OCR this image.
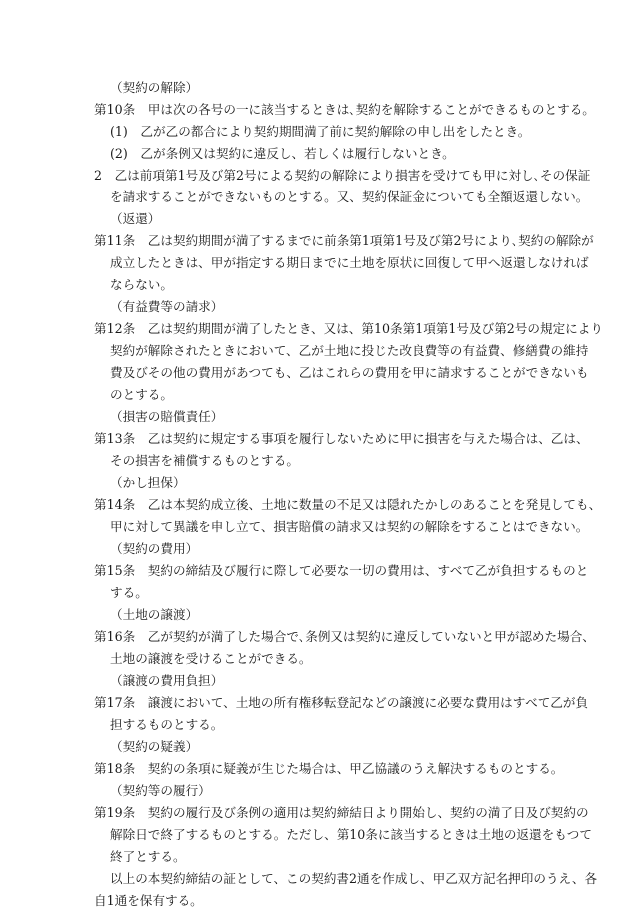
（契約の解除）
第10条　甲は次の各号の一に該当するときは､契約を解除することができるものとする。
(1)　乙が乙の都合により契約期間満了前に契約解除の申し出をしたとき。
(2)　乙が条例又は契約に違反し、若しくは履行しないとき。
2　乙は前項第1号及び第2号による契約の解除により損害を受けても甲に対し､その保証
を請求することができないものとする。又、契約保証金についても全額返還しない。
（返還）
第11条　乙は契約期間が満了するまでに前条第1項第1号及び第2号により､契約の解除が
成立したときは、甲が指定する期日までに土地を原状に回復して甲へ返還しなければ
ならない。
（有益費等の請求）
第12条　乙は契約期間が満了したとき、又は、第10条第1項第1号及び第2号の規定により
契約が解除されたときにおいて、乙が土地に投じた改良費等の有益費、修繕費の維持
費及びその他の費用があつても、乙はこれらの費用を甲に請求することができないも
のとする。
（損害の賠償責任）
第13条　乙は契約に規定する事項を履行しないために甲に損害を与えた場合は、乙は、
その損害を補償するものとする。
（かし担保）
第14条　乙は本契約成立後、土地に数量の不足又は隠れたかしのあることを発見しても、
甲に対して異議を申し立て、損害賠償の請求又は契約の解除をすることはできない。
（契約の費用）
第15条　契約の締結及び履行に際して必要な一切の費用は、すべて乙が負担するものと
する。
（土地の譲渡）
第16条　乙が契約が満了した場合で､条例又は契約に違反していないと甲が認めた場合、
土地の譲渡を受けることができる。
（譲渡の費用負担）
第17条　譲渡において、土地の所有権移転登記などの譲渡に必要な費用はすべて乙が負
担するものとする。
（契約の疑義）
第18条　契約の条項に疑義が生じた場合は、甲乙協議のうえ解決するものとする。
（契約等の履行）
第19条　契約の履行及び条例の適用は契約締結日より開始し、契約の満了日及び契約の
解除日で終了するものとする。ただし、第10条に該当するときは土地の返還をもつて
終了とする。
以上の本契約締結の証として、この契約書2通を作成し、甲乙双方記名押印のうえ、各
自1通を保有する。
